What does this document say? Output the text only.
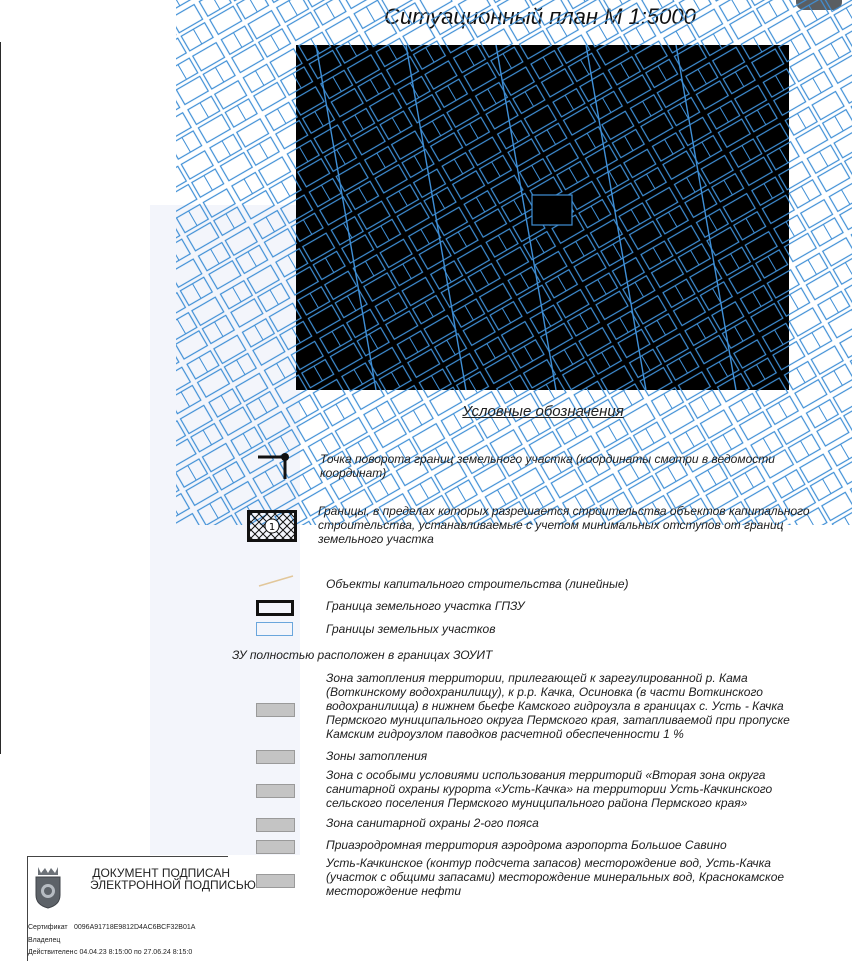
Условные обозначения
Точка поворота границ земельного участка (координаты смотри в ведомости координат)
1
Границы, в пределах которых разрешается строительства объектов капитального строительства, устанавливаемые с учетом минимальных отступов от границ земельного участка
Объекты капитального строительства (линейные)
Граница земельного участка ГПЗУ
Границы земельных участков
ЗУ полностью расположен в границах ЗОУИТ
Зона затопления территории, прилегающей к зарегулированной р. Кама (Воткинскому водохранилищу), к р.р. Качка, Осиновка (в части Воткинского водохранилища) в нижнем бьефе Камского гидроузла в границах с. Усть - Качка Пермского муниципального округа Пермского края, затапливаемой при пропуске Камским гидроузлом паводков расчетной обеспеченности 1 %
Зоны затопления
Зона с особыми условиями использования территорий «Вторая зона округа санитарной охраны курорта «Усть-Качка» на территории Усть-Качкинского сельского поселения Пермского муниципального района Пермского края»
Зона санитарной охраны 2-ого пояса
Приаэродромная территория аэродрома аэропорта Большое Савино
Усть-Качкинское (контур подсчета запасов) месторождение вод, Усть-Качка (участок с общими запасами) месторождение минеральных вод, Краснокамское месторождение нефти
ДОКУМЕНТ ПОДПИСАН
ЭЛЕКТРОННОЙ ПОДПИСЬЮ
Сертификат 0096A91718E9812D4AC6BCF32B01A
Владелец
Действителен с 04.04.23 8:15:00 по 27.06.24 8:15:0
